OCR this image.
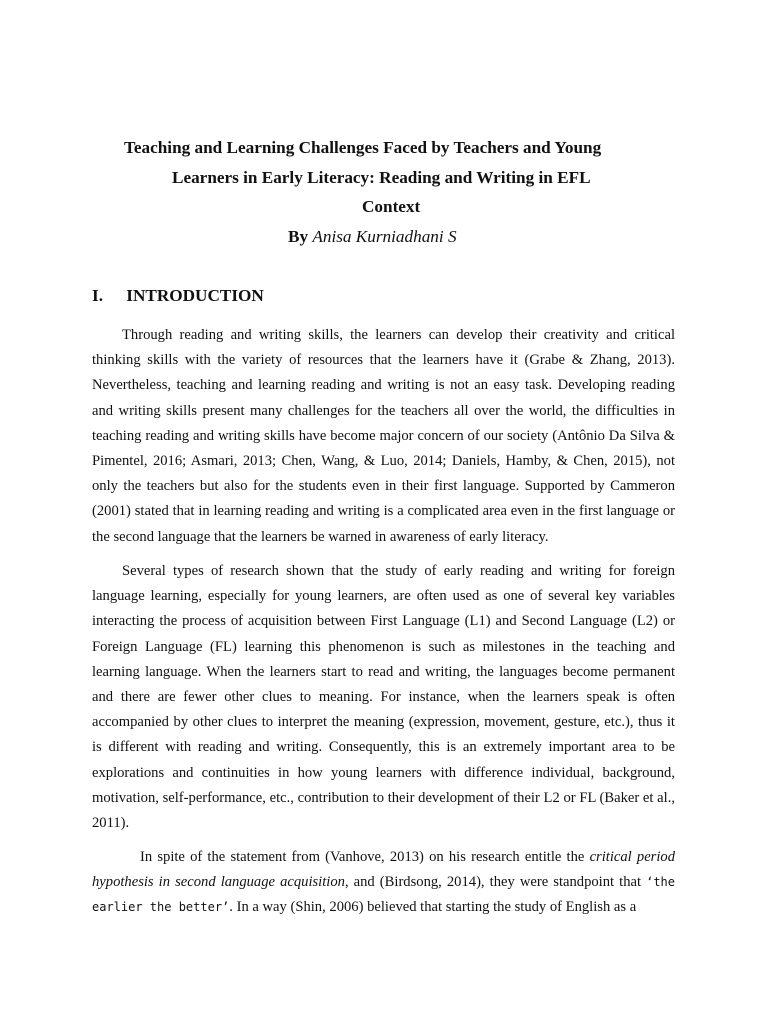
Teaching and Learning Challenges Faced by Teachers and Young
Learners in Early Literacy: Reading and Writing in EFL
Context
By Anisa Kurniadhani S
I. INTRODUCTION

Through reading and writing skills, the learners can develop their creativity and critical thinking skills with the variety of resources that the learners have it (Grabe & Zhang, 2013). Nevertheless, teaching and learning reading and writing is not an easy task. Developing reading and writing skills present many challenges for the teachers all over the world, the difficulties in teaching reading and writing skills have become major concern of our society (Antônio Da Silva & Pimentel, 2016; Asmari, 2013; Chen, Wang, & Luo, 2014; Daniels, Hamby, & Chen, 2015), not only the teachers but also for the students even in their first language. Supported by Cammeron (2001) stated that in learning reading and writing is a complicated area even in the first language or the second language that the learners be warned in awareness of early literacy.

Several types of research shown that the study of early reading and writing for foreign language learning, especially for young learners, are often used as one of several key variables interacting the process of acquisition between First Language (L1) and Second Language (L2) or Foreign Language (FL) learning this phenomenon is such as milestones in the teaching and learning language. When the learners start to read and writing, the languages become permanent and there are fewer other clues to meaning. For instance, when the learners speak is often accompanied by other clues to interpret the meaning (expression, movement, gesture, etc.), thus it is different with reading and writing. Consequently, this is an extremely important area to be explorations and continuities in how young learners with difference individual, background, motivation, self-performance, etc., contribution to their development of their L2 or FL (Baker et al., 2011).

In spite of the statement from (Vanhove, 2013) on his research entitle the critical period hypothesis in second language acquisition, and (Birdsong, 2014), they were standpoint that ‘the earlier the better’. In a way (Shin, 2006) believed that starting the study of English as a
